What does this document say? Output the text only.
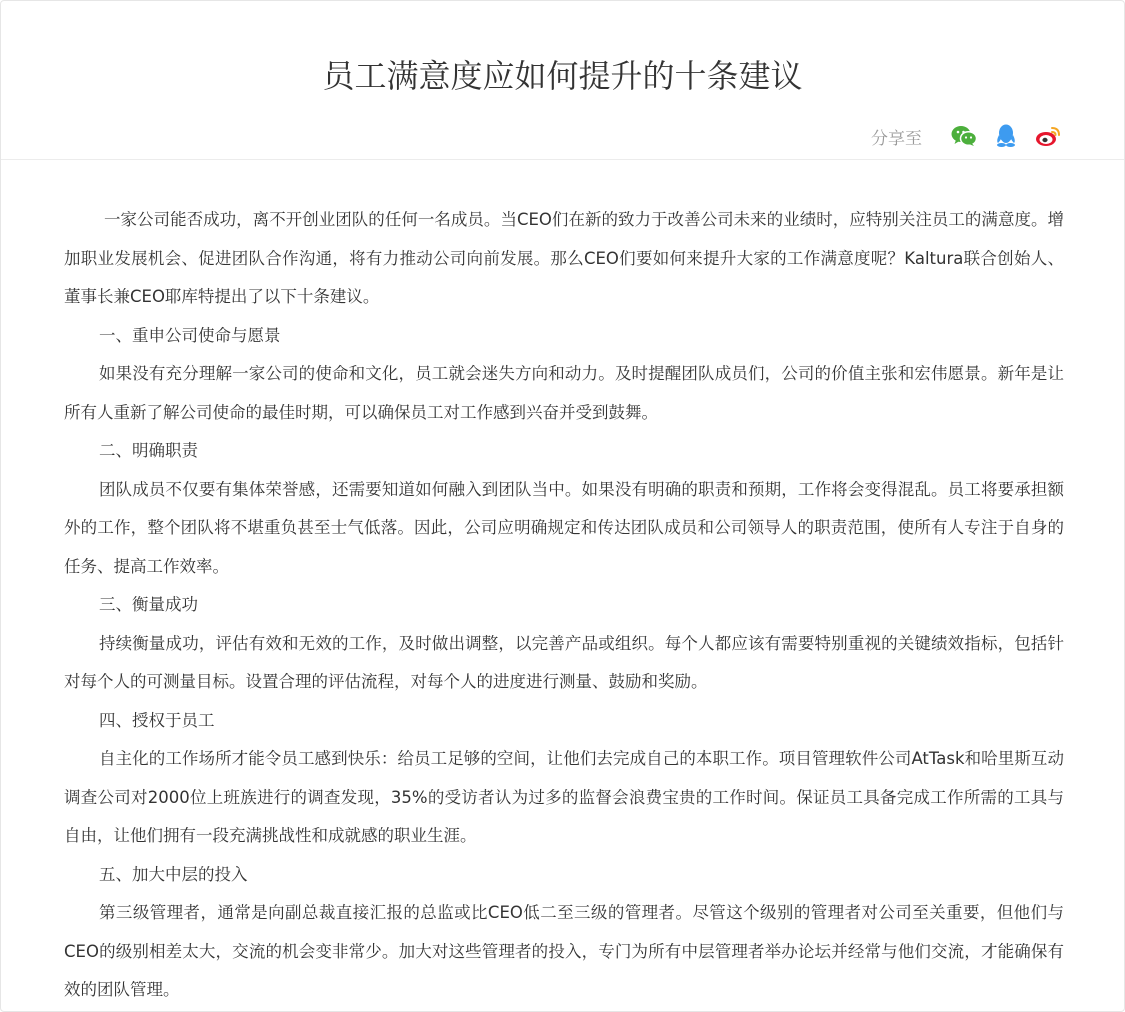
员工满意度应如何提升的十条建议
分享至

一家公司能否成功，离不开创业团队的任何一名成员。当CEO们在新的致力于改善公司未来的业绩时，应特别关注员工的满意度。增加职业发展机会、促进团队合作沟通，将有力推动公司向前发展。那么CEO们要如何来提升大家的工作满意度呢？Kaltura联合创始人、董事长兼CEO耶库特提出了以下十条建议。

一、重申公司使命与愿景

如果没有充分理解一家公司的使命和文化，员工就会迷失方向和动力。及时提醒团队成员们，公司的价值主张和宏伟愿景。新年是让所有人重新了解公司使命的最佳时期，可以确保员工对工作感到兴奋并受到鼓舞。

二、明确职责

团队成员不仅要有集体荣誉感，还需要知道如何融入到团队当中。如果没有明确的职责和预期，工作将会变得混乱。员工将要承担额外的工作，整个团队将不堪重负甚至士气低落。因此，公司应明确规定和传达团队成员和公司领导人的职责范围，使所有人专注于自身的任务、提高工作效率。

三、衡量成功

持续衡量成功，评估有效和无效的工作，及时做出调整，以完善产品或组织。每个人都应该有需要特别重视的关键绩效指标，包括针对每个人的可测量目标。设置合理的评估流程，对每个人的进度进行测量、鼓励和奖励。

四、授权于员工

自主化的工作场所才能令员工感到快乐：给员工足够的空间，让他们去完成自己的本职工作。项目管理软件公司AtTask和哈里斯互动调查公司对2000位上班族进行的调查发现，35%的受访者认为过多的监督会浪费宝贵的工作时间。保证员工具备完成工作所需的工具与自由，让他们拥有一段充满挑战性和成就感的职业生涯。

五、加大中层的投入

第三级管理者，通常是向副总裁直接汇报的总监或比CEO低二至三级的管理者。尽管这个级别的管理者对公司至关重要，但他们与CEO的级别相差太大，交流的机会变非常少。加大对这些管理者的投入，专门为所有中层管理者举办论坛并经常与他们交流，才能确保有效的团队管理。
